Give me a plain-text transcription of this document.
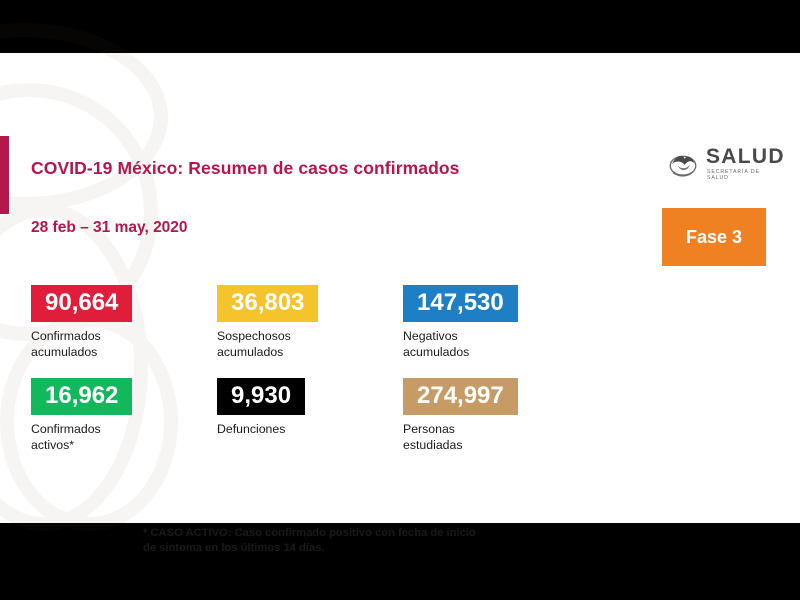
COVID-19 México: Resumen de casos confirmados
28 feb – 31 may, 2020
SALUD
SECRETARÍA DE SALUD
Fase 3
90,664
Confirmados
acumulados
36,803
Sospechosos
acumulados
147,530
Negativos
acumulados
16,962
Confirmados
activos*
9,930
Defunciones
274,997
Personas
estudiadas
* CASO ACTIVO: Caso confirmado positivo con fecha de inicio
de síntoma en los últimos 14 días.
